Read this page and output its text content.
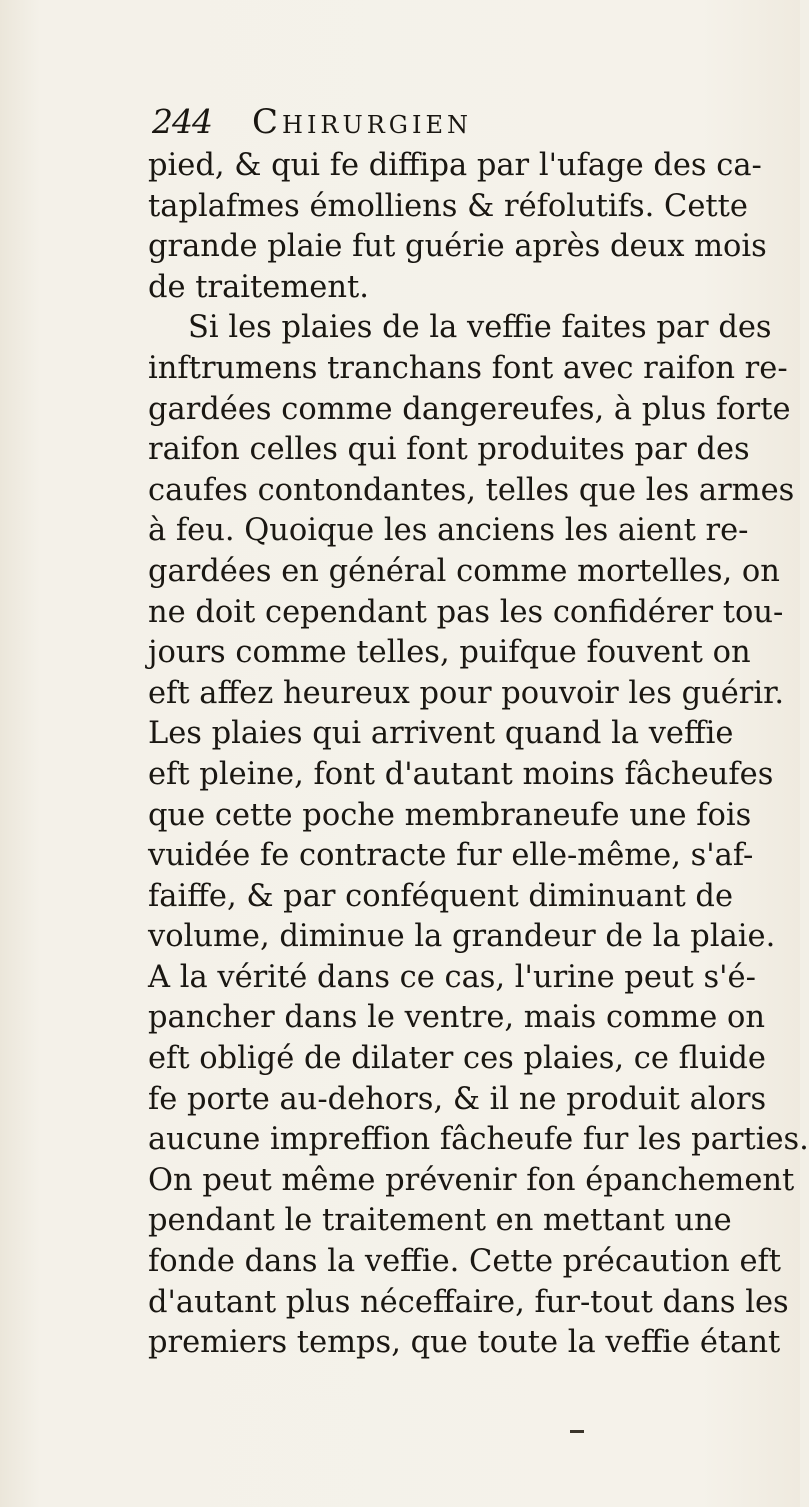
244 Chirurgien
pied, & qui fe diffipa par l'ufage des ca-
taplafmes émolliens & réfolutifs. Cette
grande plaie fut guérie après deux mois
de traitement.
Si les plaies de la veffie faites par des
inftrumens tranchans font avec raifon re-
gardées comme dangereufes, à plus forte
raifon celles qui font produites par des
caufes contondantes, telles que les armes
à feu. Quoique les anciens les aient re-
gardées en général comme mortelles, on
ne doit cependant pas les confidérer tou-
jours comme telles, puifque fouvent on
eft affez heureux pour pouvoir les guérir.
Les plaies qui arrivent quand la veffie
eft pleine, font d'autant moins fâcheufes
que cette poche membraneufe une fois
vuidée fe contracte fur elle-même, s'af-
faiffe, & par conféquent diminuant de
volume, diminue la grandeur de la plaie.
A la vérité dans ce cas, l'urine peut s'é-
pancher dans le ventre, mais comme on
eft obligé de dilater ces plaies, ce fluide
fe porte au-dehors, & il ne produit alors
aucune impreffion fâcheufe fur les parties.
On peut même prévenir fon épanchement
pendant le traitement en mettant une
fonde dans la veffie. Cette précaution eft
d'autant plus néceffaire, fur-tout dans les
premiers temps, que toute la veffie étant
